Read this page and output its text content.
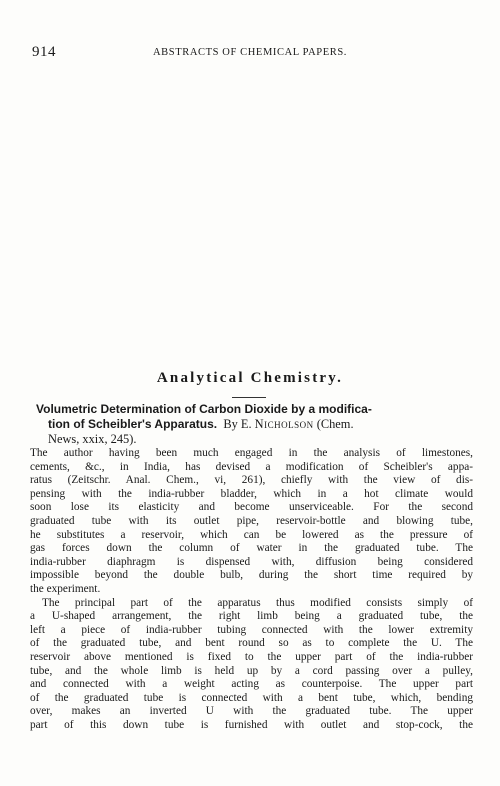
914	ABSTRACTS OF CHEMICAL PAPERS.
Analytical Chemistry.
Volumetric Determination of Carbon Dioxide by a modifica-
tion of Scheibler's Apparatus. By E. Nicholson (Chem.
News, xxix, 245).

The author having been much engaged in the analysis of limestones,
cements, &c., in India, has devised a modification of Scheibler's appa-
ratus (Zeitschr. Anal. Chem., vi, 261), chiefly with the view of dis-
pensing with the india-rubber bladder, which in a hot climate would
soon lose its elasticity and become unserviceable. For the second
graduated tube with its outlet pipe, reservoir-bottle and blowing tube,
he substitutes a reservoir, which can be lowered as the pressure of
gas forces down the column of water in the graduated tube. The
india-rubber diaphragm is dispensed with, diffusion being considered
impossible beyond the double bulb, during the short time required by
the experiment.

The principal part of the apparatus thus modified consists simply of
a U-shaped arrangement, the right limb being a graduated tube, the
left a piece of india-rubber tubing connected with the lower extremity
of the graduated tube, and bent round so as to complete the U. The
reservoir above mentioned is fixed to the upper part of the india-rubber
tube, and the whole limb is held up by a cord passing over a pulley,
and connected with a weight acting as counterpoise. The upper part
of the graduated tube is connected with a bent tube, which, bending
over, makes an inverted U with the graduated tube. The upper
part of this down tube is furnished with outlet and stop-cock, the
